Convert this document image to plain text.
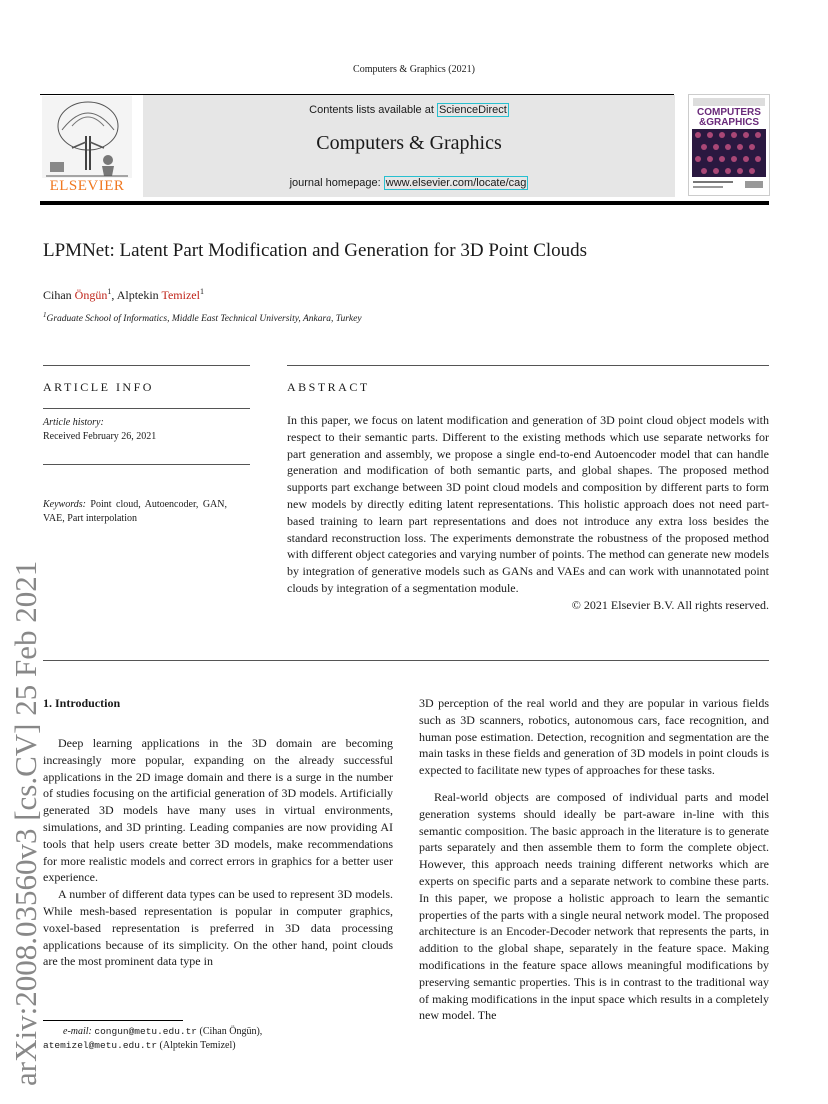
Computers & Graphics (2021)
ELSEVIER
Contents lists available at ScienceDirect
Computers & Graphics
journal homepage: www.elsevier.com/locate/cag
COMPUTERS
&GRAPHICS
arXiv:2008.03560v3 [cs.CV] 25 Feb 2021
LPMNet: Latent Part Modification and Generation for 3D Point Clouds
Cihan Öngün$^1$, Alptekin Temizel$^1$
$^1$Graduate School of Informatics, Middle East Technical University, Ankara, Turkey
ARTICLE INFO
Article history:
Received February 26, 2021
Keywords: Point cloud, Autoencoder, GAN, VAE, Part interpolation
ABSTRACT
In this paper, we focus on latent modification and generation of 3D point cloud object models with respect to their semantic parts. Different to the existing methods which use separate networks for part generation and assembly, we propose a single end-to-end Autoencoder model that can handle generation and modification of both semantic parts, and global shapes. The proposed method supports part exchange between 3D point cloud models and composition by different parts to form new models by directly editing latent representations. This holistic approach does not need part-based training to learn part representations and does not introduce any extra loss besides the standard reconstruction loss. The experiments demonstrate the robustness of the proposed method with different object categories and varying number of points. The method can generate new models by integration of generative models such as GANs and VAEs and can work with unannotated point clouds by integration of a segmentation module.
© 2021 Elsevier B.V. All rights reserved.
1. Introduction

Deep learning applications in the 3D domain are becoming increasingly more popular, expanding on the already successful applications in the 2D image domain and there is a surge in the number of studies focusing on the artificial generation of 3D models. Artificially generated 3D models have many uses in virtual environments, simulations, and 3D printing. Leading companies are now providing AI tools that help users create better 3D models, make recommendations for more realistic models and correct errors in graphics for a better user experience.

A number of different data types can be used to represent 3D models. While mesh-based representation is popular in computer graphics, voxel-based representation is preferred in 3D data processing applications because of its simplicity. On the other hand, point clouds are the most prominent data type in

3D perception of the real world and they are popular in various fields such as 3D scanners, robotics, autonomous cars, face recognition, and human pose estimation. Detection, recognition and segmentation are the main tasks in these fields and generation of 3D models in point clouds is expected to facilitate new types of approaches for these tasks.

Real-world objects are composed of individual parts and model generation systems should ideally be part-aware in-line with this semantic composition. The basic approach in the literature is to generate parts separately and then assemble them to form the complete object. However, this approach needs training different networks which are experts on specific parts and a separate network to combine these parts. In this paper, we propose a holistic approach to learn the semantic properties of the parts with a single neural network model. The proposed architecture is an Encoder-Decoder network that represents the parts, in addition to the global shape, separately in the feature space. Making modifications in the feature space allows meaningful modifications by preserving semantic properties. This is in contrast to the traditional way of making modifications in the input space which results in a completely new model. The

e-mail: congun@metu.edu.tr (Cihan Öngün),
atemizel@metu.edu.tr (Alptekin Temizel)
